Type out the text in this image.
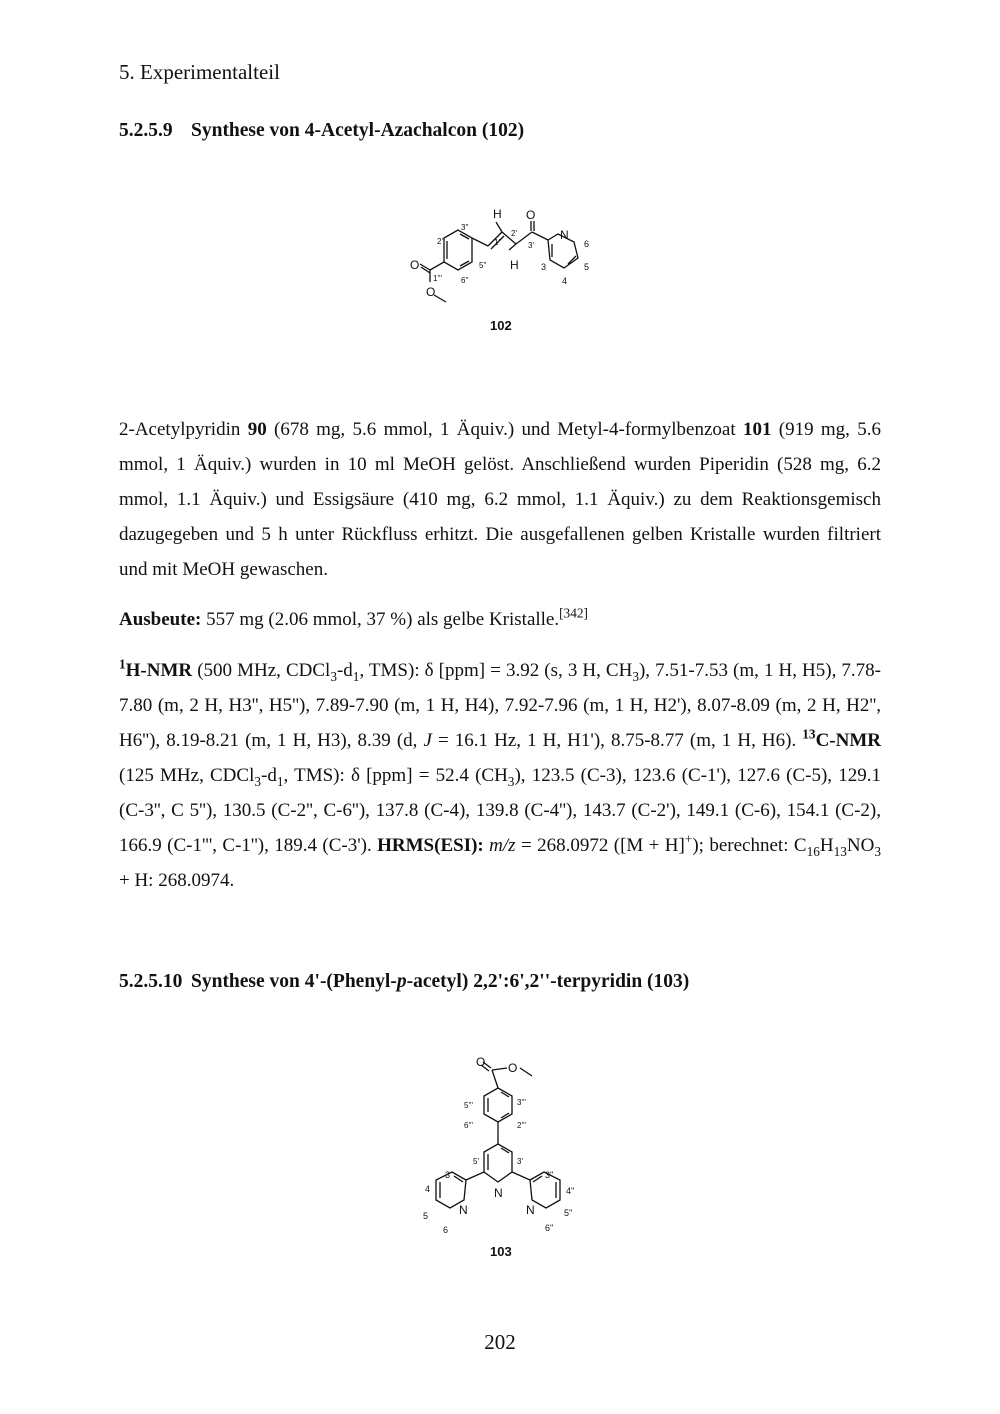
5. Experimentalteil
5.2.5.9 Synthese von 4-Acetyl-Azachalcon (102)
H O
N
H
O
O
3''
2''
5''
6''
1'''
1'
2'
3'
3
4
5
6
102
2-Acetylpyridin 90 (678 mg, 5.6 mmol, 1 Äquiv.) und Metyl-4-formylbenzoat 101 (919 mg, 5.6 mmol, 1 Äquiv.) wurden in 10 ml MeOH gelöst. Anschließend wurden Piperidin (528 mg, 6.2 mmol, 1.1 Äquiv.) und Essigsäure (410 mg, 6.2 mmol, 1.1 Äquiv.) zu dem Reaktionsgemisch dazugegeben und 5 h unter Rückfluss erhitzt. Die ausgefallenen gelben Kristalle wurden filtriert und mit MeOH gewaschen.
Ausbeute: 557 mg (2.06 mmol, 37 %) als gelbe Kristalle.[342]
$^1$H-NMR (500 MHz, $CDCl_3-d_1$, TMS): δ [ppm] = 3.92 (s, 3 H, $CH_3$), 7.51-7.53 (m, 1 H, H5), 7.78-7.80 (m, 2 H, H3'', H5''), 7.89-7.90 (m, 1 H, H4), 7.92-7.96 (m, 1 H, H2'), 8.07-8.09 (m, 2 H, H2'', H6''), 8.19-8.21 (m, 1 H, H3), 8.39 (d, J = 16.1 Hz, 1 H, H1'), 8.75-8.77 (m, 1 H, H6). $^{13}$C-NMR (125 MHz, $CDCl_3-d_1$, TMS): δ [ppm] = 52.4 $(CH_3)$, 123.5 (C-3), 123.6 (C-1'), 127.6 (C-5), 129.1 (C-3'', C 5''), 130.5 (C-2'', C-6''), 137.8 (C-4), 139.8 (C-4''), 143.7 (C-2'), 149.1 (C-6), 154.1 (C-2), 166.9 (C-1''', C-1''), 189.4 (C-3'). HRMS(ESI): m/z = 268.0972 ([M + H]+); berechnet: $C_{16}H_{13}NO_3 + H$: 268.0974.
5.2.5.10 Synthese von 4'-(Phenyl-p-acetyl) 2,2':6',2''-terpyridin (103)
O O
5'''	3'''
6'''	2'''
5'	3'
3	3''
4	4''
N
N	N
5	5''
6	6''
103
202
